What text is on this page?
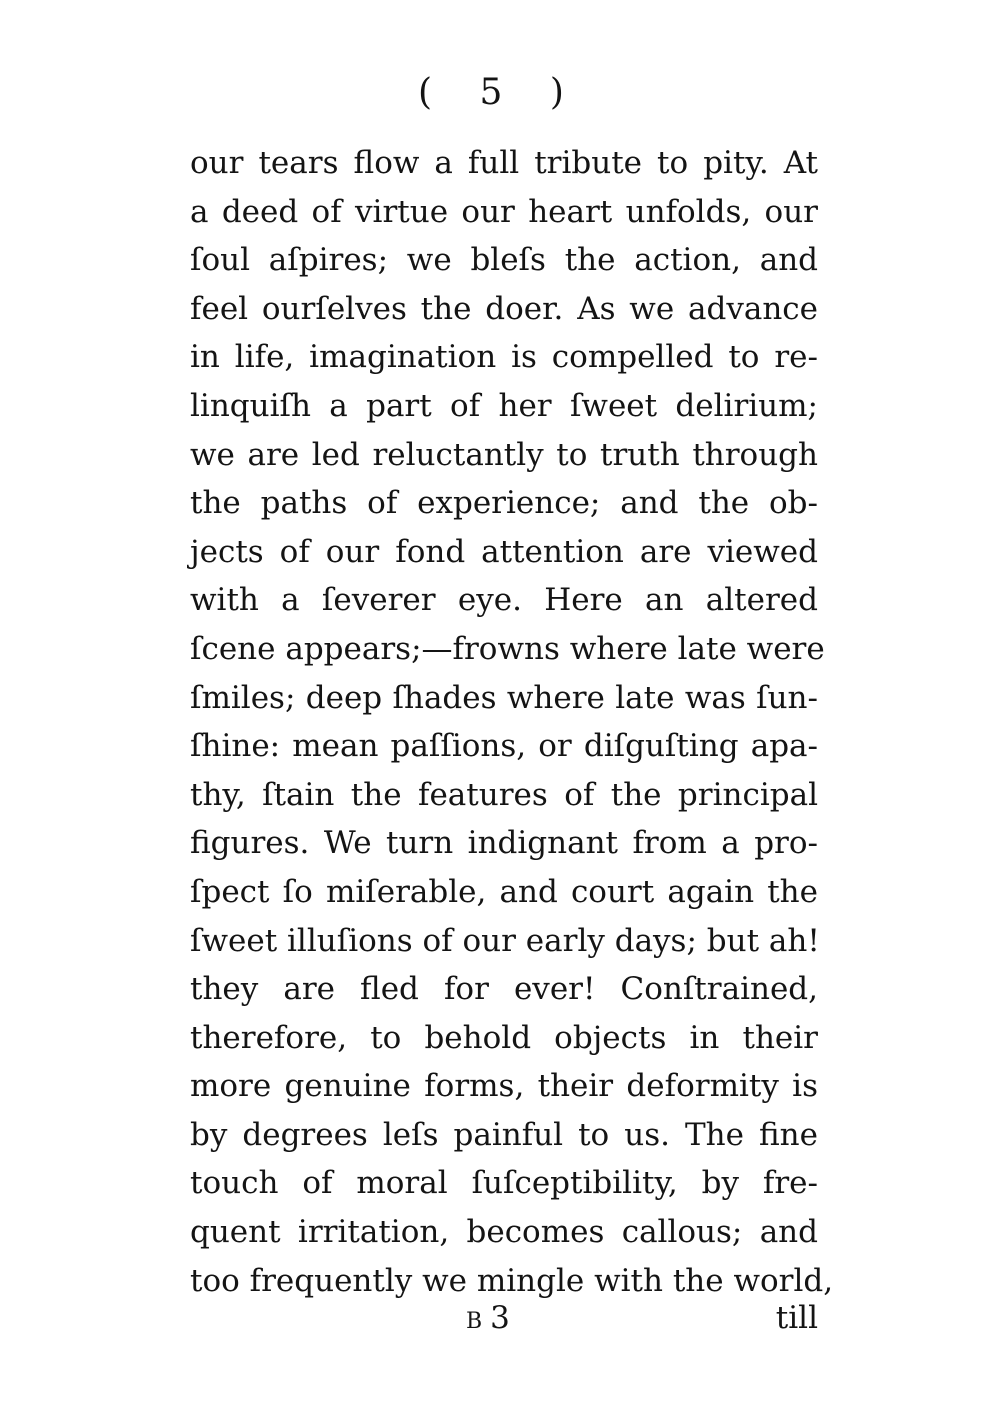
( 5 )
our tears flow a full tribute to pity. At
a deed of virtue our heart unfolds, our
ſoul aſpires; we bleſs the action, and
feel ourſelves the doer. As we advance
in life, imagination is compelled to re-
linquiſh a part of her ſweet delirium;
we are led reluctantly to truth through
the paths of experience; and the ob-
jects of our fond attention are viewed
with a ſeverer eye. Here an altered
ſcene appears;—frowns where late were
ſmiles; deep ſhades where late was ſun-
ſhine: mean paſſions, or diſguſting apa-
thy, ſtain the features of the principal
figures. We turn indignant from a pro-
ſpect ſo miſerable, and court again the
ſweet illuſions of our early days; but ah!
they are fled for ever! Conſtrained,
therefore, to behold objects in their
more genuine forms, their deformity is
by degrees leſs painful to us. The fine
touch of moral ſuſceptibility, by fre-
quent irritation, becomes callous; and
too frequently we mingle with the world,
B3	till
